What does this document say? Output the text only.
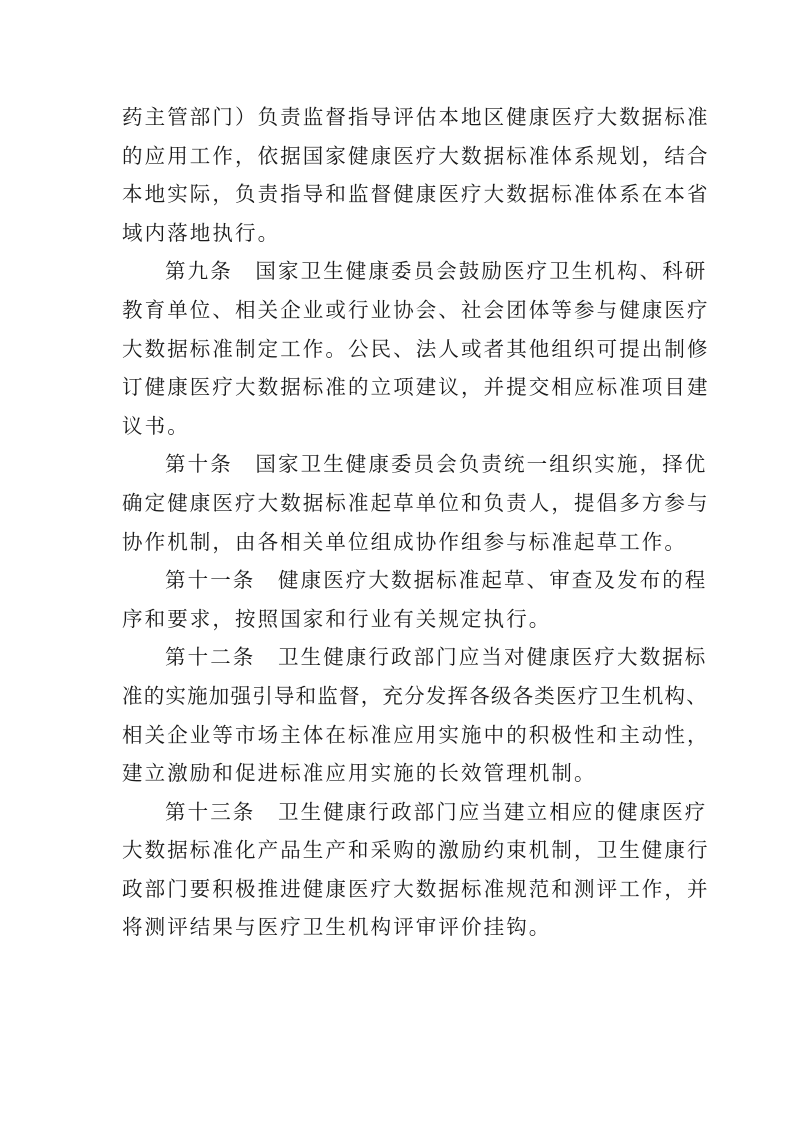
药主管部门）负责监督指导评估本地区健康医疗大数据标准
的应用工作，依据国家健康医疗大数据标准体系规划，结合
本地实际，负责指导和监督健康医疗大数据标准体系在本省
域内落地执行。

第九条　国家卫生健康委员会鼓励医疗卫生机构、科研
教育单位、相关企业或行业协会、社会团体等参与健康医疗
大数据标准制定工作。公民、法人或者其他组织可提出制修
订健康医疗大数据标准的立项建议，并提交相应标准项目建
议书。

第十条　国家卫生健康委员会负责统一组织实施，择优
确定健康医疗大数据标准起草单位和负责人，提倡多方参与
协作机制，由各相关单位组成协作组参与标准起草工作。

第十一条　健康医疗大数据标准起草、审查及发布的程
序和要求，按照国家和行业有关规定执行。

第十二条　卫生健康行政部门应当对健康医疗大数据标
准的实施加强引导和监督，充分发挥各级各类医疗卫生机构、
相关企业等市场主体在标准应用实施中的积极性和主动性，
建立激励和促进标准应用实施的长效管理机制。

第十三条　卫生健康行政部门应当建立相应的健康医疗
大数据标准化产品生产和采购的激励约束机制，卫生健康行
政部门要积极推进健康医疗大数据标准规范和测评工作，并
将测评结果与医疗卫生机构评审评价挂钩。
